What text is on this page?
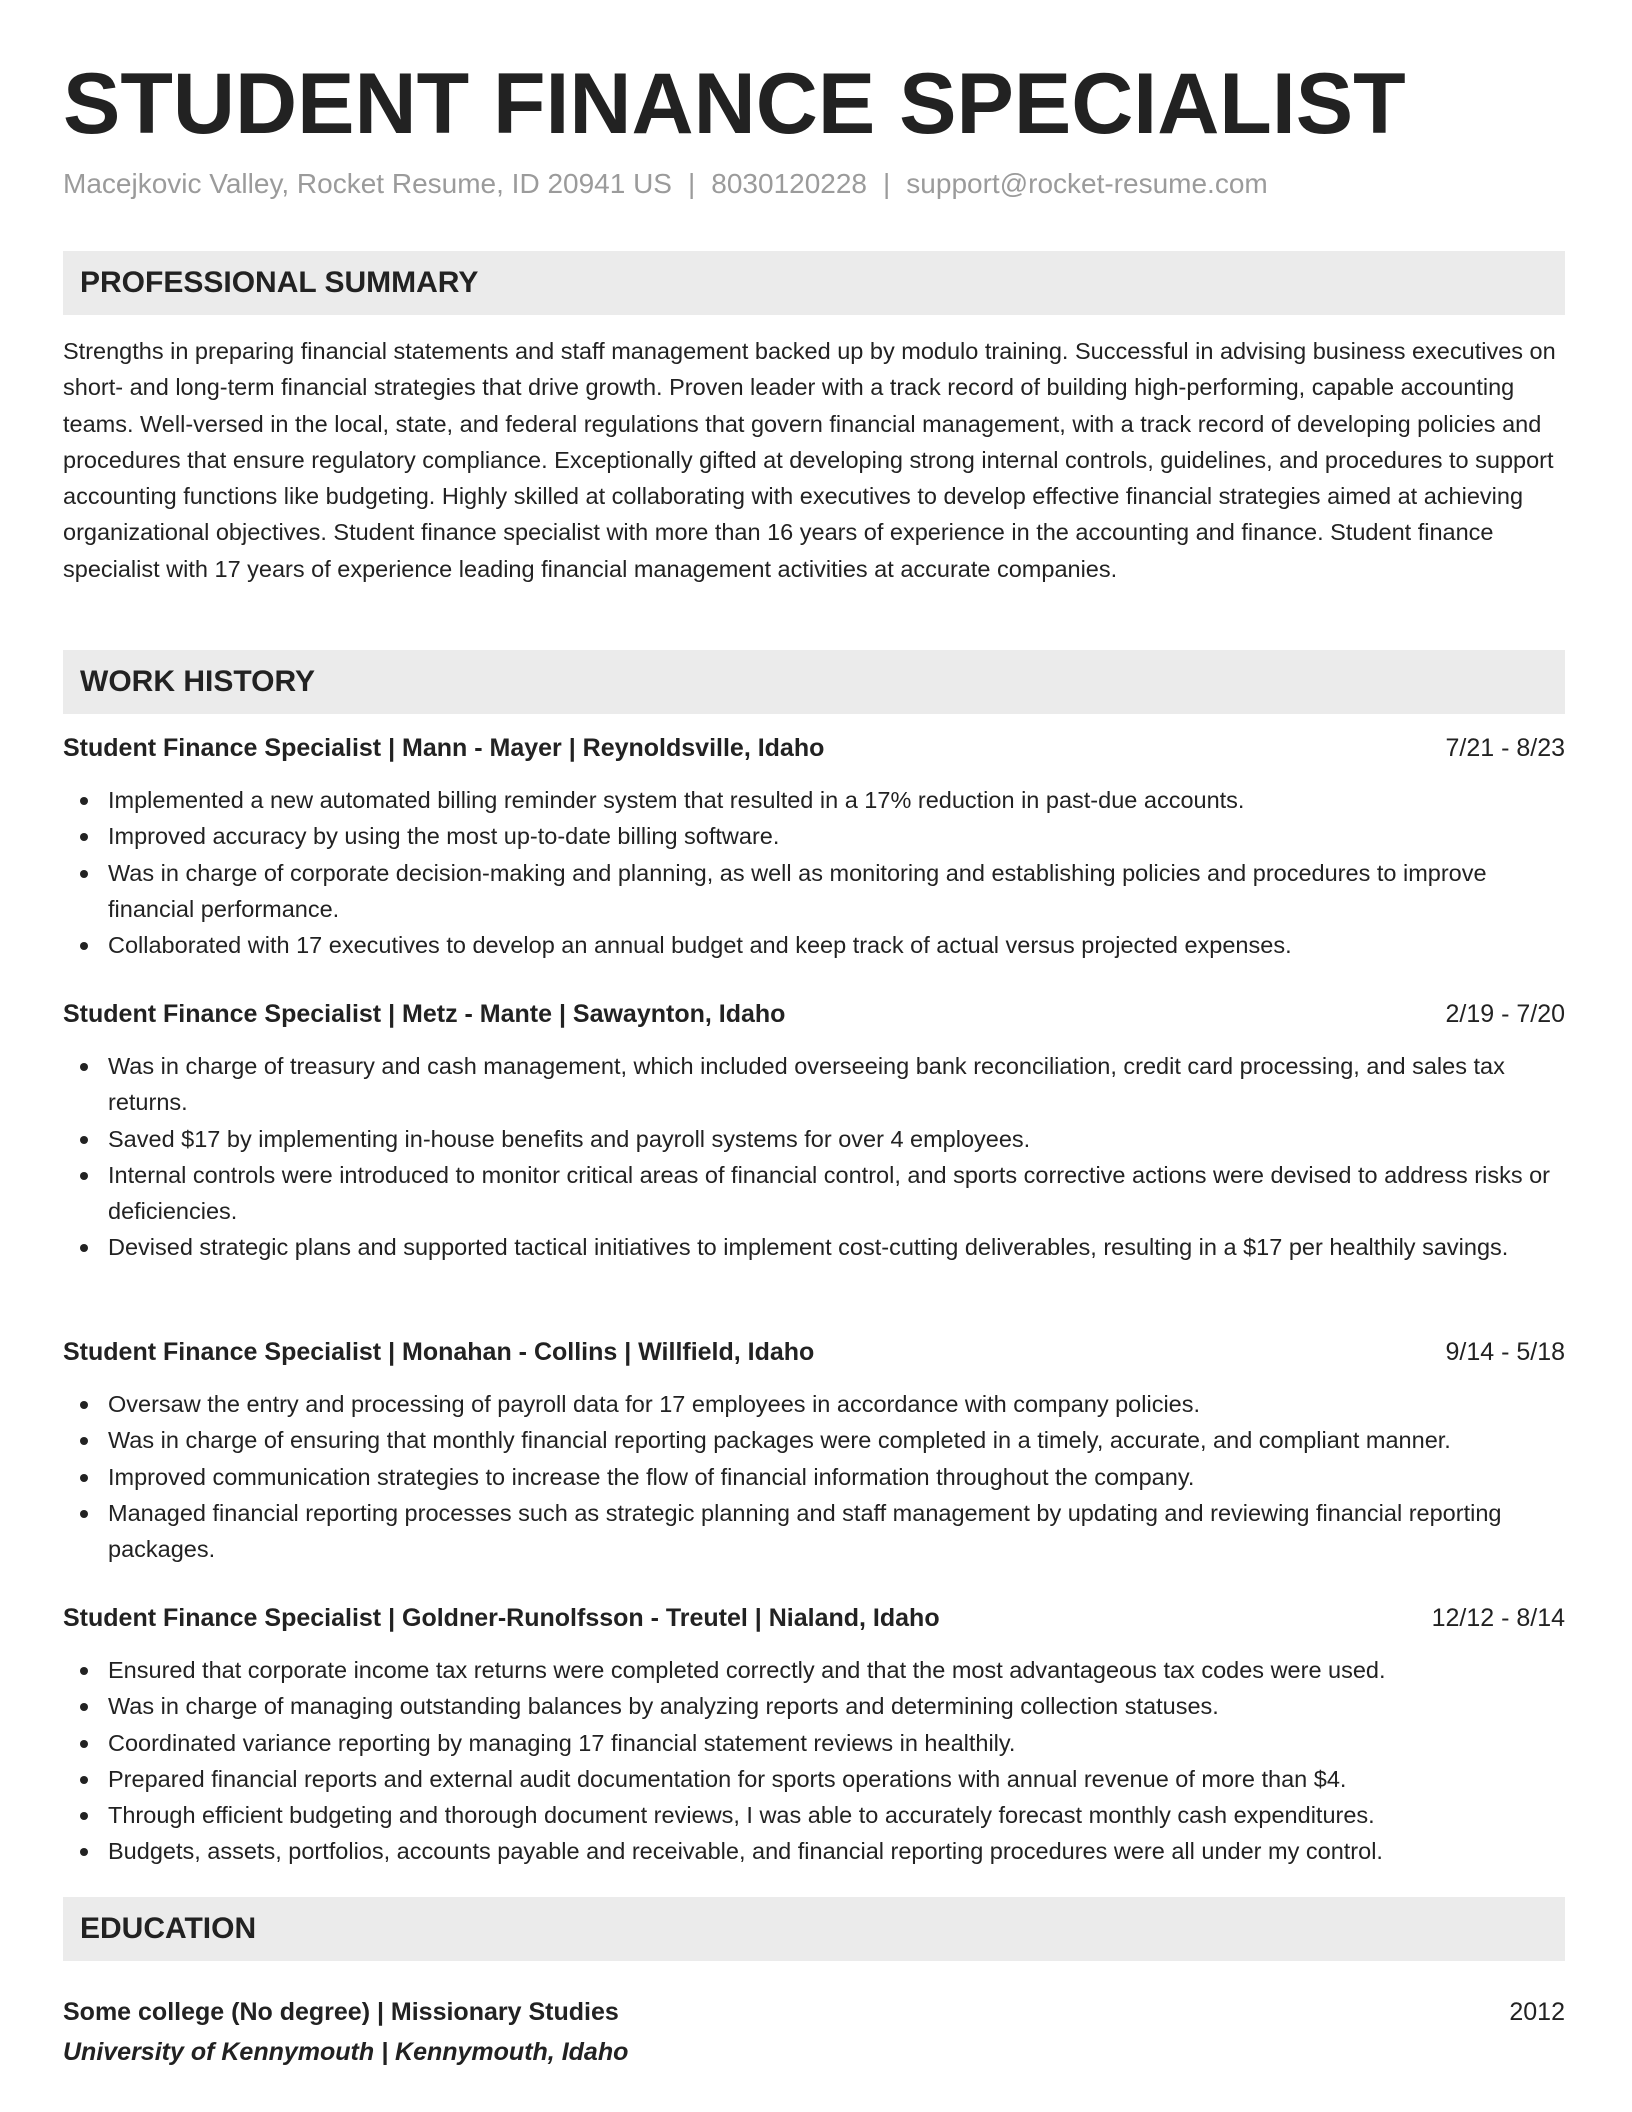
STUDENT FINANCE SPECIALIST
Macejkovic Valley, Rocket Resume, ID 20941 US | 8030120228 | support@rocket-resume.com
PROFESSIONAL SUMMARY

Strengths in preparing financial statements and staff management backed up by modulo training. Successful in advising business executives on short- and long-term financial strategies that drive growth. Proven leader with a track record of building high-performing, capable accounting teams. Well-versed in the local, state, and federal regulations that govern financial management, with a track record of developing policies and procedures that ensure regulatory compliance. Exceptionally gifted at developing strong internal controls, guidelines, and procedures to support accounting functions like budgeting. Highly skilled at collaborating with executives to develop effective financial strategies aimed at achieving organizational objectives. Student finance specialist with more than 16 years of experience in the accounting and finance. Student finance specialist with 17 years of experience leading financial management activities at accurate companies.

WORK HISTORY
Student Finance Specialist | Mann - Mayer | Reynoldsville, Idaho	7/21 - 8/23
Implemented a new automated billing reminder system that resulted in a 17% reduction in past-due accounts.
Improved accuracy by using the most up-to-date billing software.
Was in charge of corporate decision-making and planning, as well as monitoring and establishing policies and procedures to improve financial performance.
Collaborated with 17 executives to develop an annual budget and keep track of actual versus projected expenses.
Student Finance Specialist | Metz - Mante | Sawaynton, Idaho	2/19 - 7/20
Was in charge of treasury and cash management, which included overseeing bank reconciliation, credit card processing, and sales tax returns.
Saved $17 by implementing in-house benefits and payroll systems for over 4 employees.
Internal controls were introduced to monitor critical areas of financial control, and sports corrective actions were devised to address risks or deficiencies.
Devised strategic plans and supported tactical initiatives to implement cost-cutting deliverables, resulting in a $17 per healthily savings.
Student Finance Specialist | Monahan - Collins | Willfield, Idaho	9/14 - 5/18
Oversaw the entry and processing of payroll data for 17 employees in accordance with company policies.
Was in charge of ensuring that monthly financial reporting packages were completed in a timely, accurate, and compliant manner.
Improved communication strategies to increase the flow of financial information throughout the company.
Managed financial reporting processes such as strategic planning and staff management by updating and reviewing financial reporting packages.
Student Finance Specialist | Goldner-Runolfsson - Treutel | Nialand, Idaho	12/12 - 8/14
Ensured that corporate income tax returns were completed correctly and that the most advantageous tax codes were used.
Was in charge of managing outstanding balances by analyzing reports and determining collection statuses.
Coordinated variance reporting by managing 17 financial statement reviews in healthily.
Prepared financial reports and external audit documentation for sports operations with annual revenue of more than $4.
Through efficient budgeting and thorough document reviews, I was able to accurately forecast monthly cash expenditures.
Budgets, assets, portfolios, accounts payable and receivable, and financial reporting procedures were all under my control.
EDUCATION
Some college (No degree) | Missionary Studies	2012
University of Kennymouth | Kennymouth, Idaho
